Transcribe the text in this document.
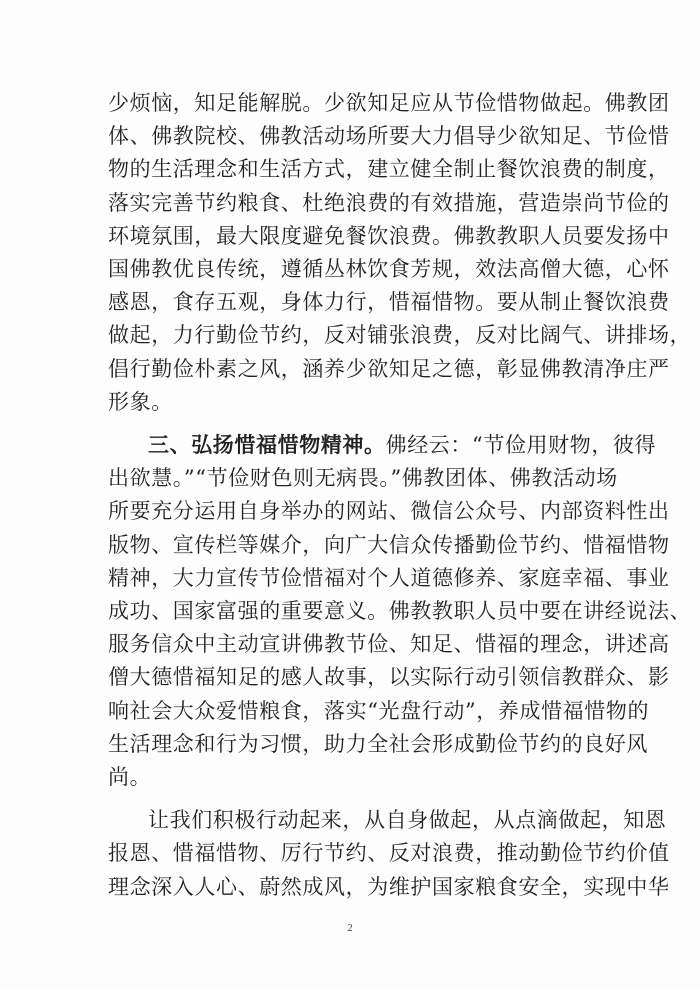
少烦恼，知足能解脱。少欲知足应从节俭惜物做起。佛教团
体、佛教院校、佛教活动场所要大力倡导少欲知足、节俭惜
物的生活理念和生活方式，建立健全制止餐饮浪费的制度，
落实完善节约粮食、杜绝浪费的有效措施，营造崇尚节俭的
环境氛围，最大限度避免餐饮浪费。佛教教职人员要发扬中
国佛教优良传统，遵循丛林饮食芳规，效法高僧大德，心怀
感恩，食存五观，身体力行，惜福惜物。要从制止餐饮浪费
做起，力行勤俭节约，反对铺张浪费，反对比阔气、讲排场，
倡行勤俭朴素之风，涵养少欲知足之德，彰显佛教清净庄严
形象。
三、弘扬惜福惜物精神。佛经云：“节俭用财物，彼得
出欲慧。”“节俭财色则无病畏。”佛教团体、佛教活动场
所要充分运用自身举办的网站、微信公众号、内部资料性出
版物、宣传栏等媒介，向广大信众传播勤俭节约、惜福惜物
精神，大力宣传节俭惜福对个人道德修养、家庭幸福、事业
成功、国家富强的重要意义。佛教教职人员中要在讲经说法、
服务信众中主动宣讲佛教节俭、知足、惜福的理念，讲述高
僧大德惜福知足的感人故事，以实际行动引领信教群众、影
响社会大众爱惜粮食，落实“光盘行动”，养成惜福惜物的
生活理念和行为习惯，助力全社会形成勤俭节约的良好风
尚。
让我们积极行动起来，从自身做起，从点滴做起，知恩
报恩、惜福惜物、厉行节约、反对浪费，推动勤俭节约价值
理念深入人心、蔚然成风，为维护国家粮食安全，实现中华
2
